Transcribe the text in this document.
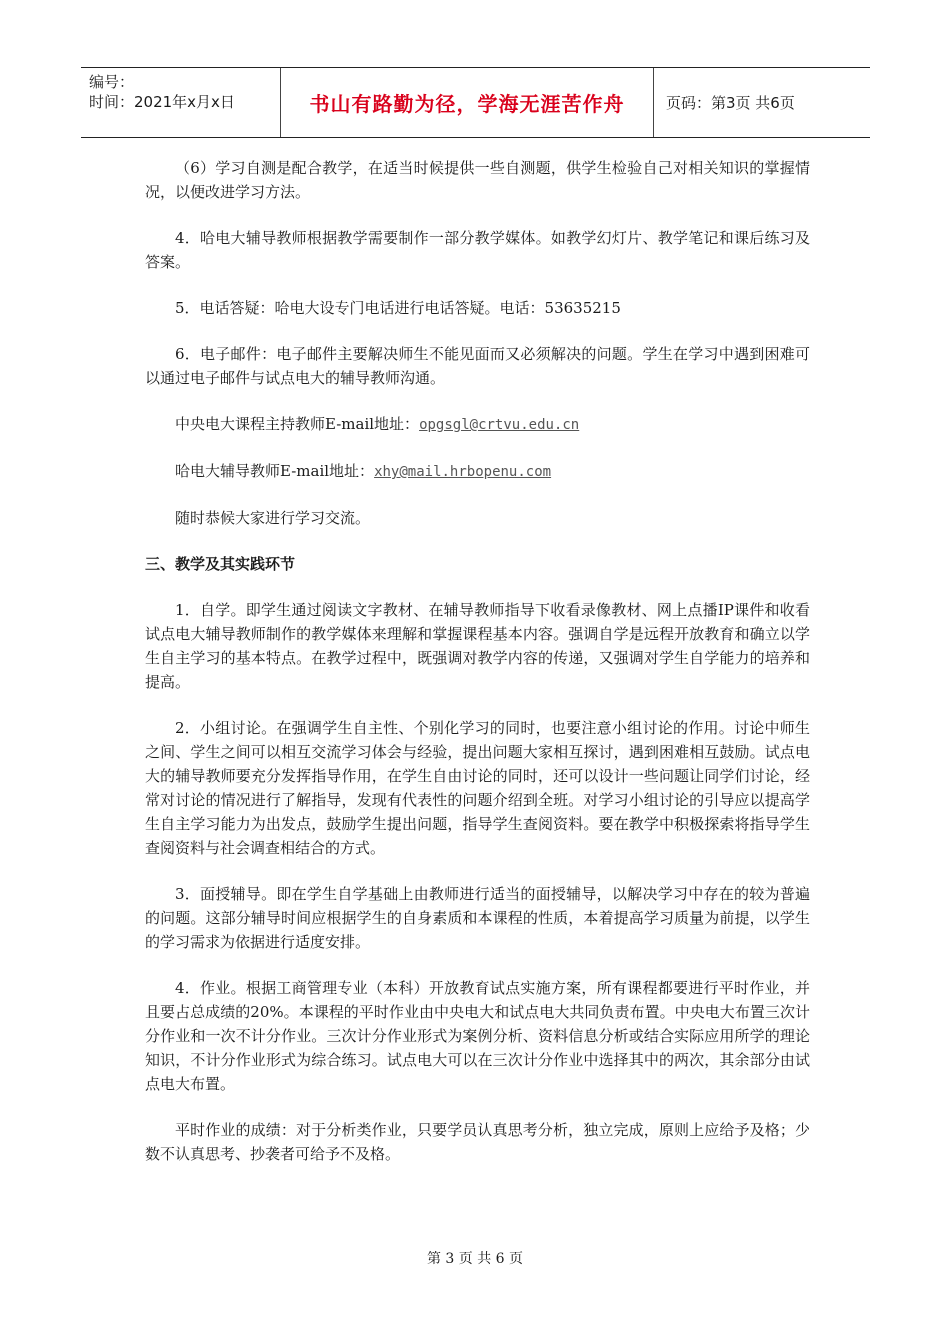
编号：
时间：2021年x月x日	书山有路勤为径，学海无涯苦作舟	页码：第3页 共6页

（6）学习自测是配合教学，在适当时候提供一些自测题，供学生检验自己对相关知识的掌握情况，以便改进学习方法。

4．哈电大辅导教师根据教学需要制作一部分教学媒体。如教学幻灯片、教学笔记和课后练习及答案。

5．电话答疑：哈电大设专门电话进行电话答疑。电话：53635215

6．电子邮件：电子邮件主要解决师生不能见面而又必须解决的问题。学生在学习中遇到困难可以通过电子邮件与试点电大的辅导教师沟通。

中央电大课程主持教师E-mail地址：opgsgl@crtvu.edu.cn

哈电大辅导教师E-mail地址：xhy@mail.hrbopenu.com

随时恭候大家进行学习交流。

三、教学及其实践环节

1．自学。即学生通过阅读文字教材、在辅导教师指导下收看录像教材、网上点播IP课件和收看试点电大辅导教师制作的教学媒体来理解和掌握课程基本内容。强调自学是远程开放教育和确立以学生自主学习的基本特点。在教学过程中，既强调对教学内容的传递，又强调对学生自学能力的培养和提高。

2．小组讨论。在强调学生自主性、个别化学习的同时，也要注意小组讨论的作用。讨论中师生之间、学生之间可以相互交流学习体会与经验，提出问题大家相互探讨，遇到困难相互鼓励。试点电大的辅导教师要充分发挥指导作用，在学生自由讨论的同时，还可以设计一些问题让同学们讨论，经常对讨论的情况进行了解指导，发现有代表性的问题介绍到全班。对学习小组讨论的引导应以提高学生自主学习能力为出发点，鼓励学生提出问题，指导学生查阅资料。要在教学中积极探索将指导学生查阅资料与社会调查相结合的方式。

3．面授辅导。即在学生自学基础上由教师进行适当的面授辅导，以解决学习中存在的较为普遍的问题。这部分辅导时间应根据学生的自身素质和本课程的性质，本着提高学习质量为前提，以学生的学习需求为依据进行适度安排。

4．作业。根据工商管理专业（本科）开放教育试点实施方案，所有课程都要进行平时作业，并且要占总成绩的20%。本课程的平时作业由中央电大和试点电大共同负责布置。中央电大布置三次计分作业和一次不计分作业。三次计分作业形式为案例分析、资料信息分析或结合实际应用所学的理论知识，不计分作业形式为综合练习。试点电大可以在三次计分作业中选择其中的两次，其余部分由试点电大布置。

平时作业的成绩：对于分析类作业，只要学员认真思考分析，独立完成，原则上应给予及格；少数不认真思考、抄袭者可给予不及格。

第 3 页 共 6 页
